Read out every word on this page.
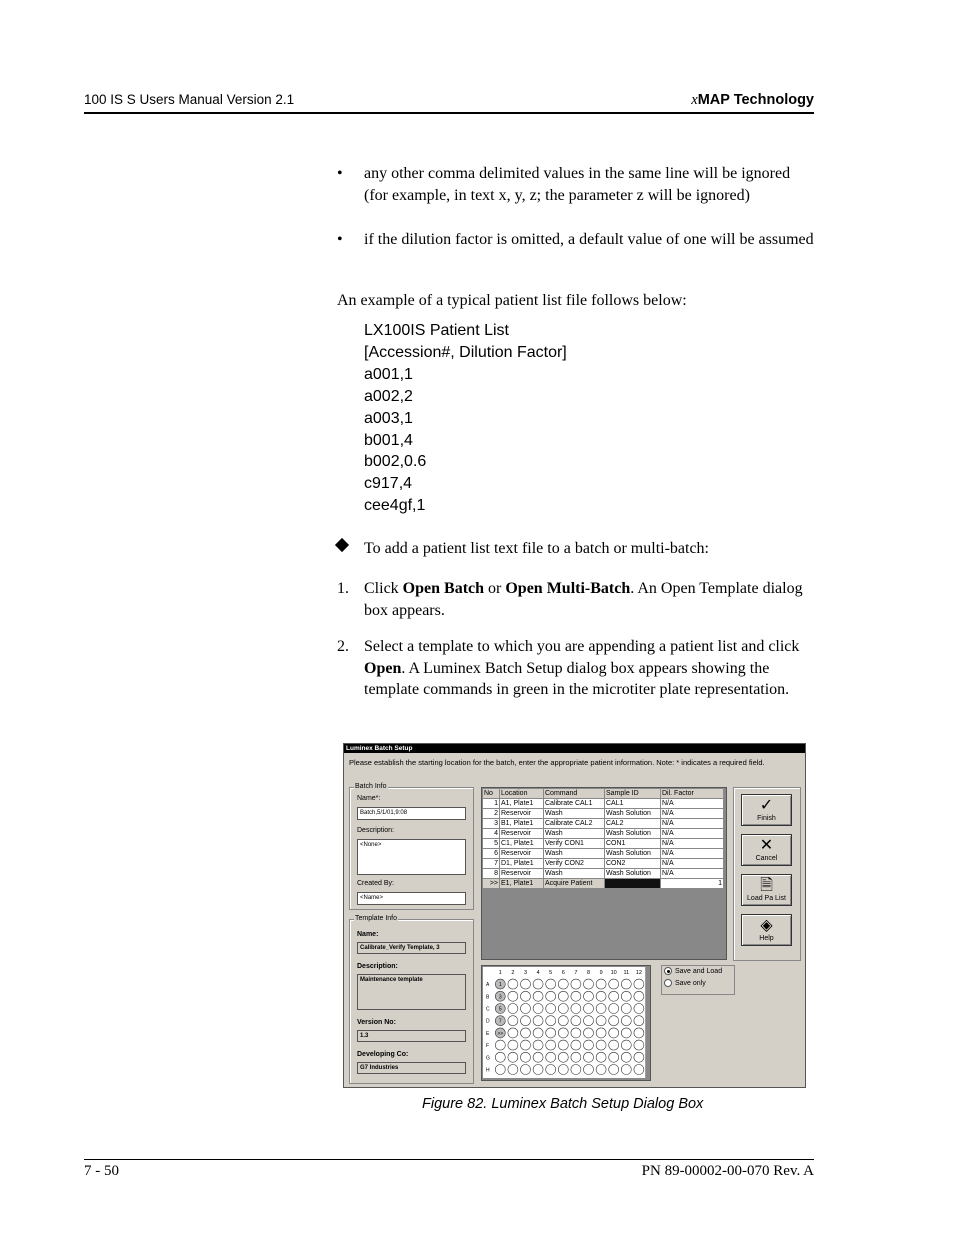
100 IS S Users Manual Version 2.1	xMAP Technology
• any other comma delimited values in the same line will be ignored (for example, in text x, y, z; the parameter z will be ignored)
• if the dilution factor is omitted, a default value of one will be assumed
An example of a typical patient list file follows below:
LX100IS Patient List
[Accession#, Dilution Factor]
a001,1
a002,2
a003,1
b001,4
b002,0.6
c917,4
cee4gf,1
To add a patient list text file to a batch or multi-batch:
1. Click Open Batch or Open Multi-Batch. An Open Template dialog box appears.
2. Select a template to which you are appending a patient list and click Open. A Luminex Batch Setup dialog box appears showing the template commands in green in the microtiter plate representation.
Luminex Batch Setup
Please establish the starting location for the batch, enter the appropriate patient information. Note: * indicates a required field.
Batch Info
Name*:
Batch,5/1/01,9:08
Description:
<None>
Created By:
<Name>
Template Info
Name:
Calibrate_Verify Template, 3
Description:
Maintenance template
Version No:
1.3
Developing Co:
G7 Industries
No	Location	Command	Sample ID	Dil. Factor
1	A1, Plate1	Calibrate CAL1	CAL1	N/A
2	Reservoir	Wash	Wash Solution	N/A
3	B1, Plate1	Calibrate CAL2	CAL2	N/A
4	Reservoir	Wash	Wash Solution	N/A
5	C1, Plate1	Verify CON1	CON1	N/A
6	Reservoir	Wash	Wash Solution	N/A
7	D1, Plate1	Verify CON2	CON2	N/A
8	Reservoir	Wash	Wash Solution	N/A
>>	E1, Plate1	Acquire Patient		1
✓
Finish
✕
Cancel
🗎
Load Pa List
◈
Help
1 2 3 4 5 6 7 8 9 10 11 12
A 1
B 3
C 5
D 7
E >>
F
G
H
Save and Load
Save only
Figure 82. Luminex Batch Setup Dialog Box
7 - 50	PN 89-00002-00-070 Rev. A
